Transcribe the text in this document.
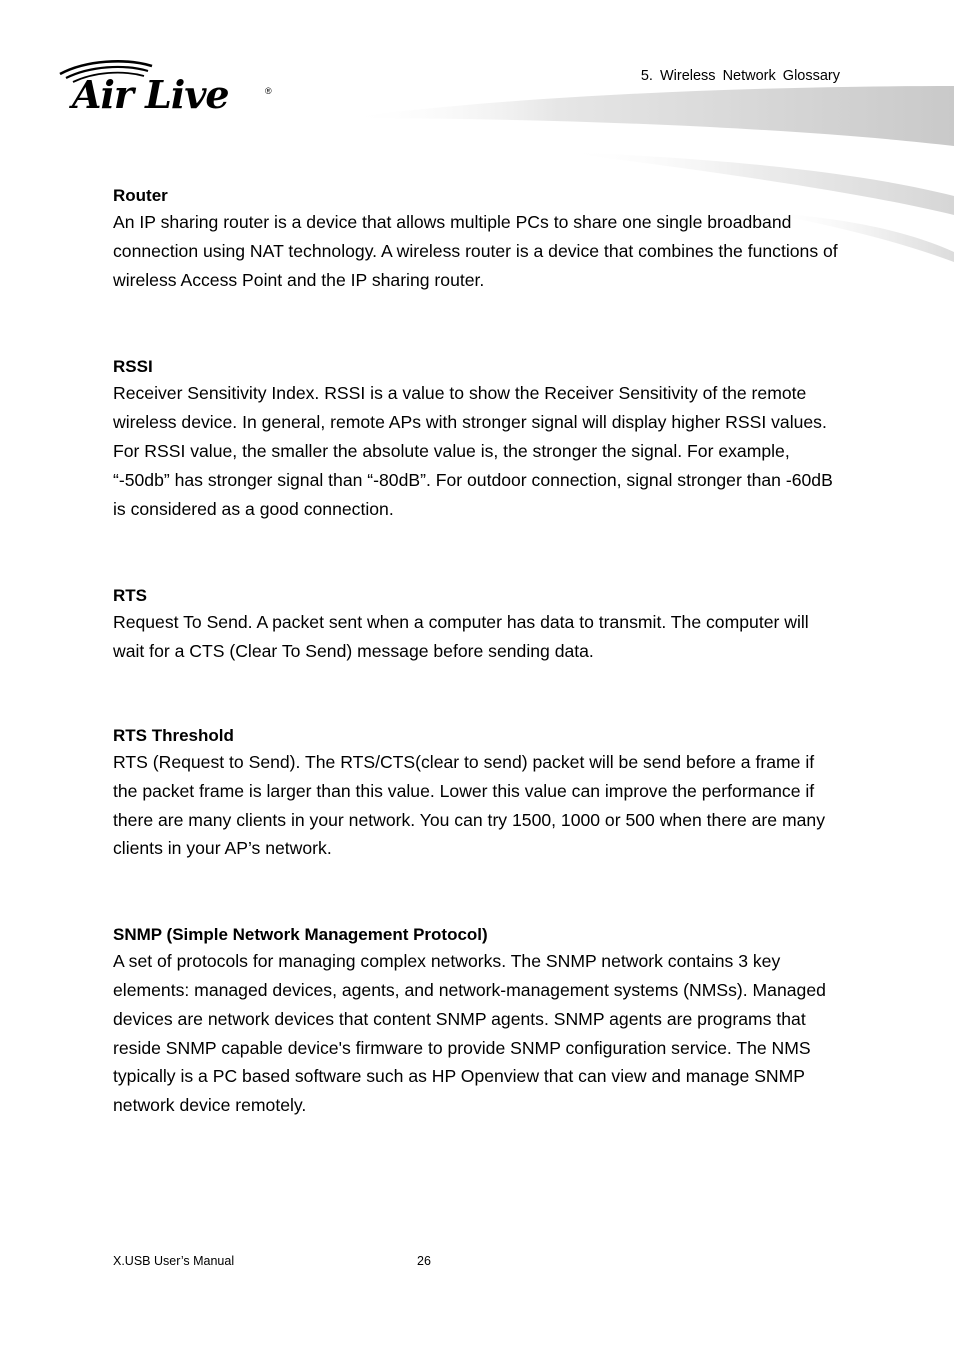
Air Live	®
5. Wireless Network Glossary
Router

An IP sharing router is a device that allows multiple PCs to share one single broadband connection using NAT technology. A wireless router is a device that combines the functions of wireless Access Point and the IP sharing router.

RSSI

Receiver Sensitivity Index. RSSI is a value to show the Receiver Sensitivity of the remote wireless device. In general, remote APs with stronger signal will display higher RSSI values. For RSSI value, the smaller the absolute value is, the stronger the signal. For example, “-50db” has stronger signal than “-80dB”. For outdoor connection, signal stronger than -60dB is considered as a good connection.

RTS

Request To Send. A packet sent when a computer has data to transmit. The computer will wait for a CTS (Clear To Send) message before sending data.

RTS Threshold

RTS (Request to Send). The RTS/CTS(clear to send) packet will be send before a frame if the packet frame is larger than this value. Lower this value can improve the performance if there are many clients in your network. You can try 1500, 1000 or 500 when there are many clients in your AP’s network.

SNMP (Simple Network Management Protocol)

A set of protocols for managing complex networks. The SNMP network contains 3 key elements: managed devices, agents, and network-management systems (NMSs). Managed devices are network devices that content SNMP agents. SNMP agents are programs that reside SNMP capable device's firmware to provide SNMP configuration service. The NMS typically is a PC based software such as HP Openview that can view and manage SNMP network device remotely.

X.USB User’s Manual	26
